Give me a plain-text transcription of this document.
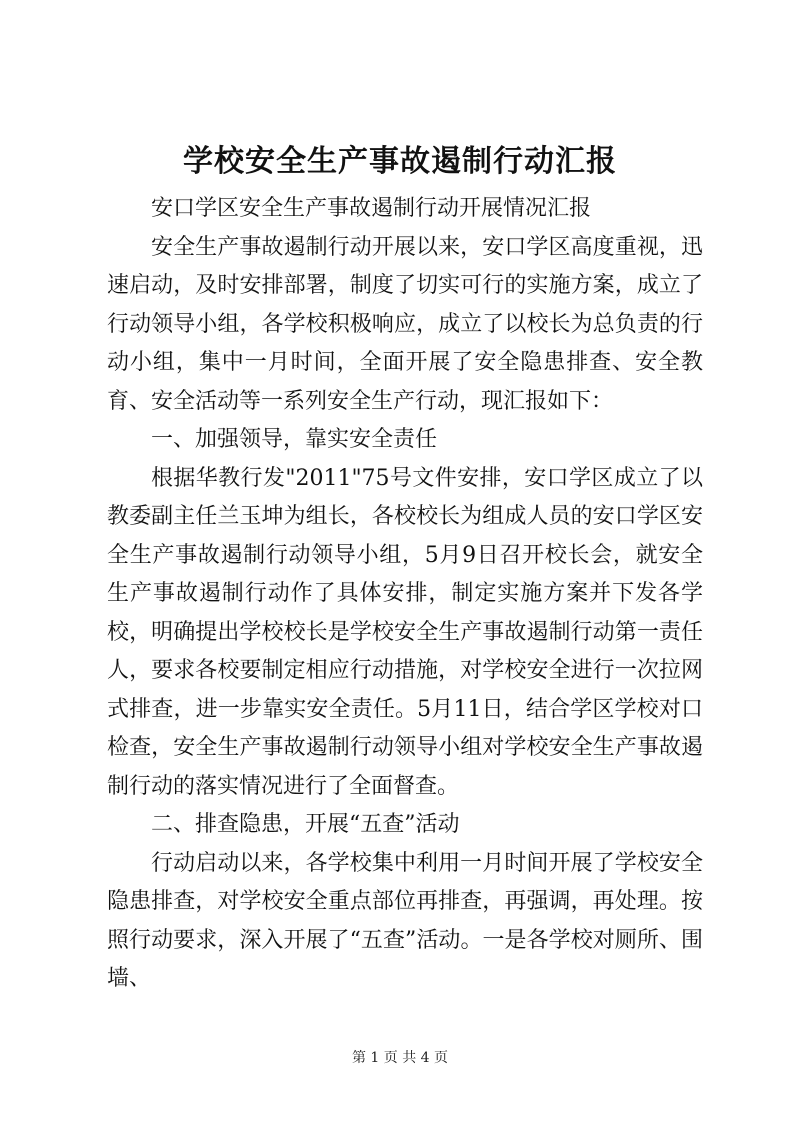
学校安全生产事故遏制行动汇报

安口学区安全生产事故遏制行动开展情况汇报

安全生产事故遏制行动开展以来，安口学区高度重视，迅速启动，及时安排部署，制度了切实可行的实施方案，成立了行动领导小组，各学校积极响应，成立了以校长为总负责的行动小组，集中一月时间，全面开展了安全隐患排查、安全教育、安全活动等一系列安全生产行动，现汇报如下：

一、加强领导，靠实安全责任

根据华教行发"2011"75号文件安排，安口学区成立了以教委副主任兰玉坤为组长，各校校长为组成人员的安口学区安全生产事故遏制行动领导小组，5月9日召开校长会，就安全生产事故遏制行动作了具体安排，制定实施方案并下发各学校，明确提出学校校长是学校安全生产事故遏制行动第一责任人，要求各校要制定相应行动措施，对学校安全进行一次拉网式排查，进一步靠实安全责任。5月11日，结合学区学校对口检查，安全生产事故遏制行动领导小组对学校安全生产事故遏制行动的落实情况进行了全面督查。

二、排查隐患，开展“五查”活动

行动启动以来，各学校集中利用一月时间开展了学校安全隐患排查，对学校安全重点部位再排查，再强调，再处理。按照行动要求，深入开展了“五查”活动。一是各学校对厕所、围墙、

第 1 页 共 4 页
